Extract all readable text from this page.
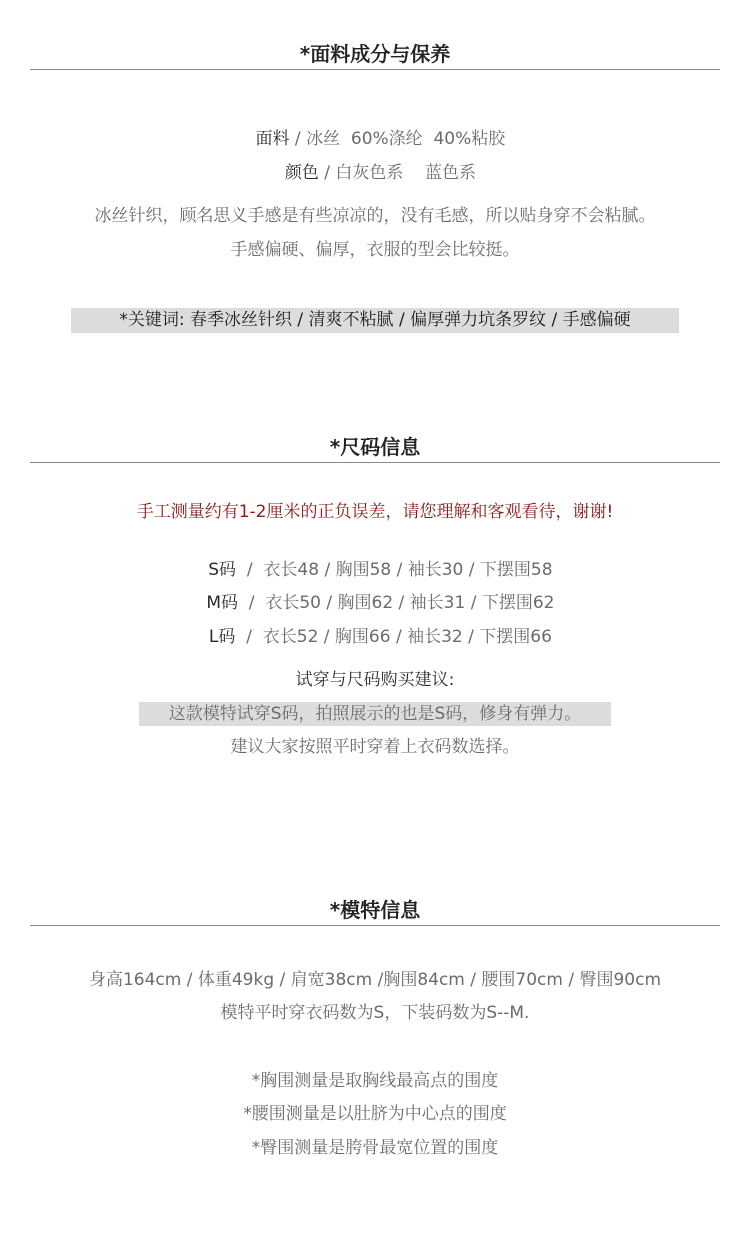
*面料成分与保养

面料 / 冰丝  60%涤纶  40%粘胶

颜色 / 白灰色系    蓝色系

冰丝针织，顾名思义手感是有些凉凉的，没有毛感，所以贴身穿不会粘腻。
手感偏硬、偏厚，衣服的型会比较挺。
*关键词: 春季冰丝针织 / 清爽不粘腻 / 偏厚弹力坑条罗纹 / 手感偏硬
*尺码信息
手工测量约有1-2厘米的正负误差，请您理解和客观看待，谢谢!

S码  /  衣长48 / 胸围58 / 袖长30 / 下摆围58

M码  /  衣长50 / 胸围62 / 袖长31 / 下摆围62

L码  /  衣长52 / 胸围66 / 袖长32 / 下摆围66

试穿与尺码购买建议:
这款模特试穿S码，拍照展示的也是S码，修身有弹力。
建议大家按照平时穿着上衣码数选择。
*模特信息
身高164cm / 体重49kg / 肩宽38cm /胸围84cm / 腰围70cm / 臀围90cm
模特平时穿衣码数为S，下装码数为S--M.
*胸围测量是取胸线最高点的围度
*腰围测量是以肚脐为中心点的围度
*臀围测量是胯骨最宽位置的围度
